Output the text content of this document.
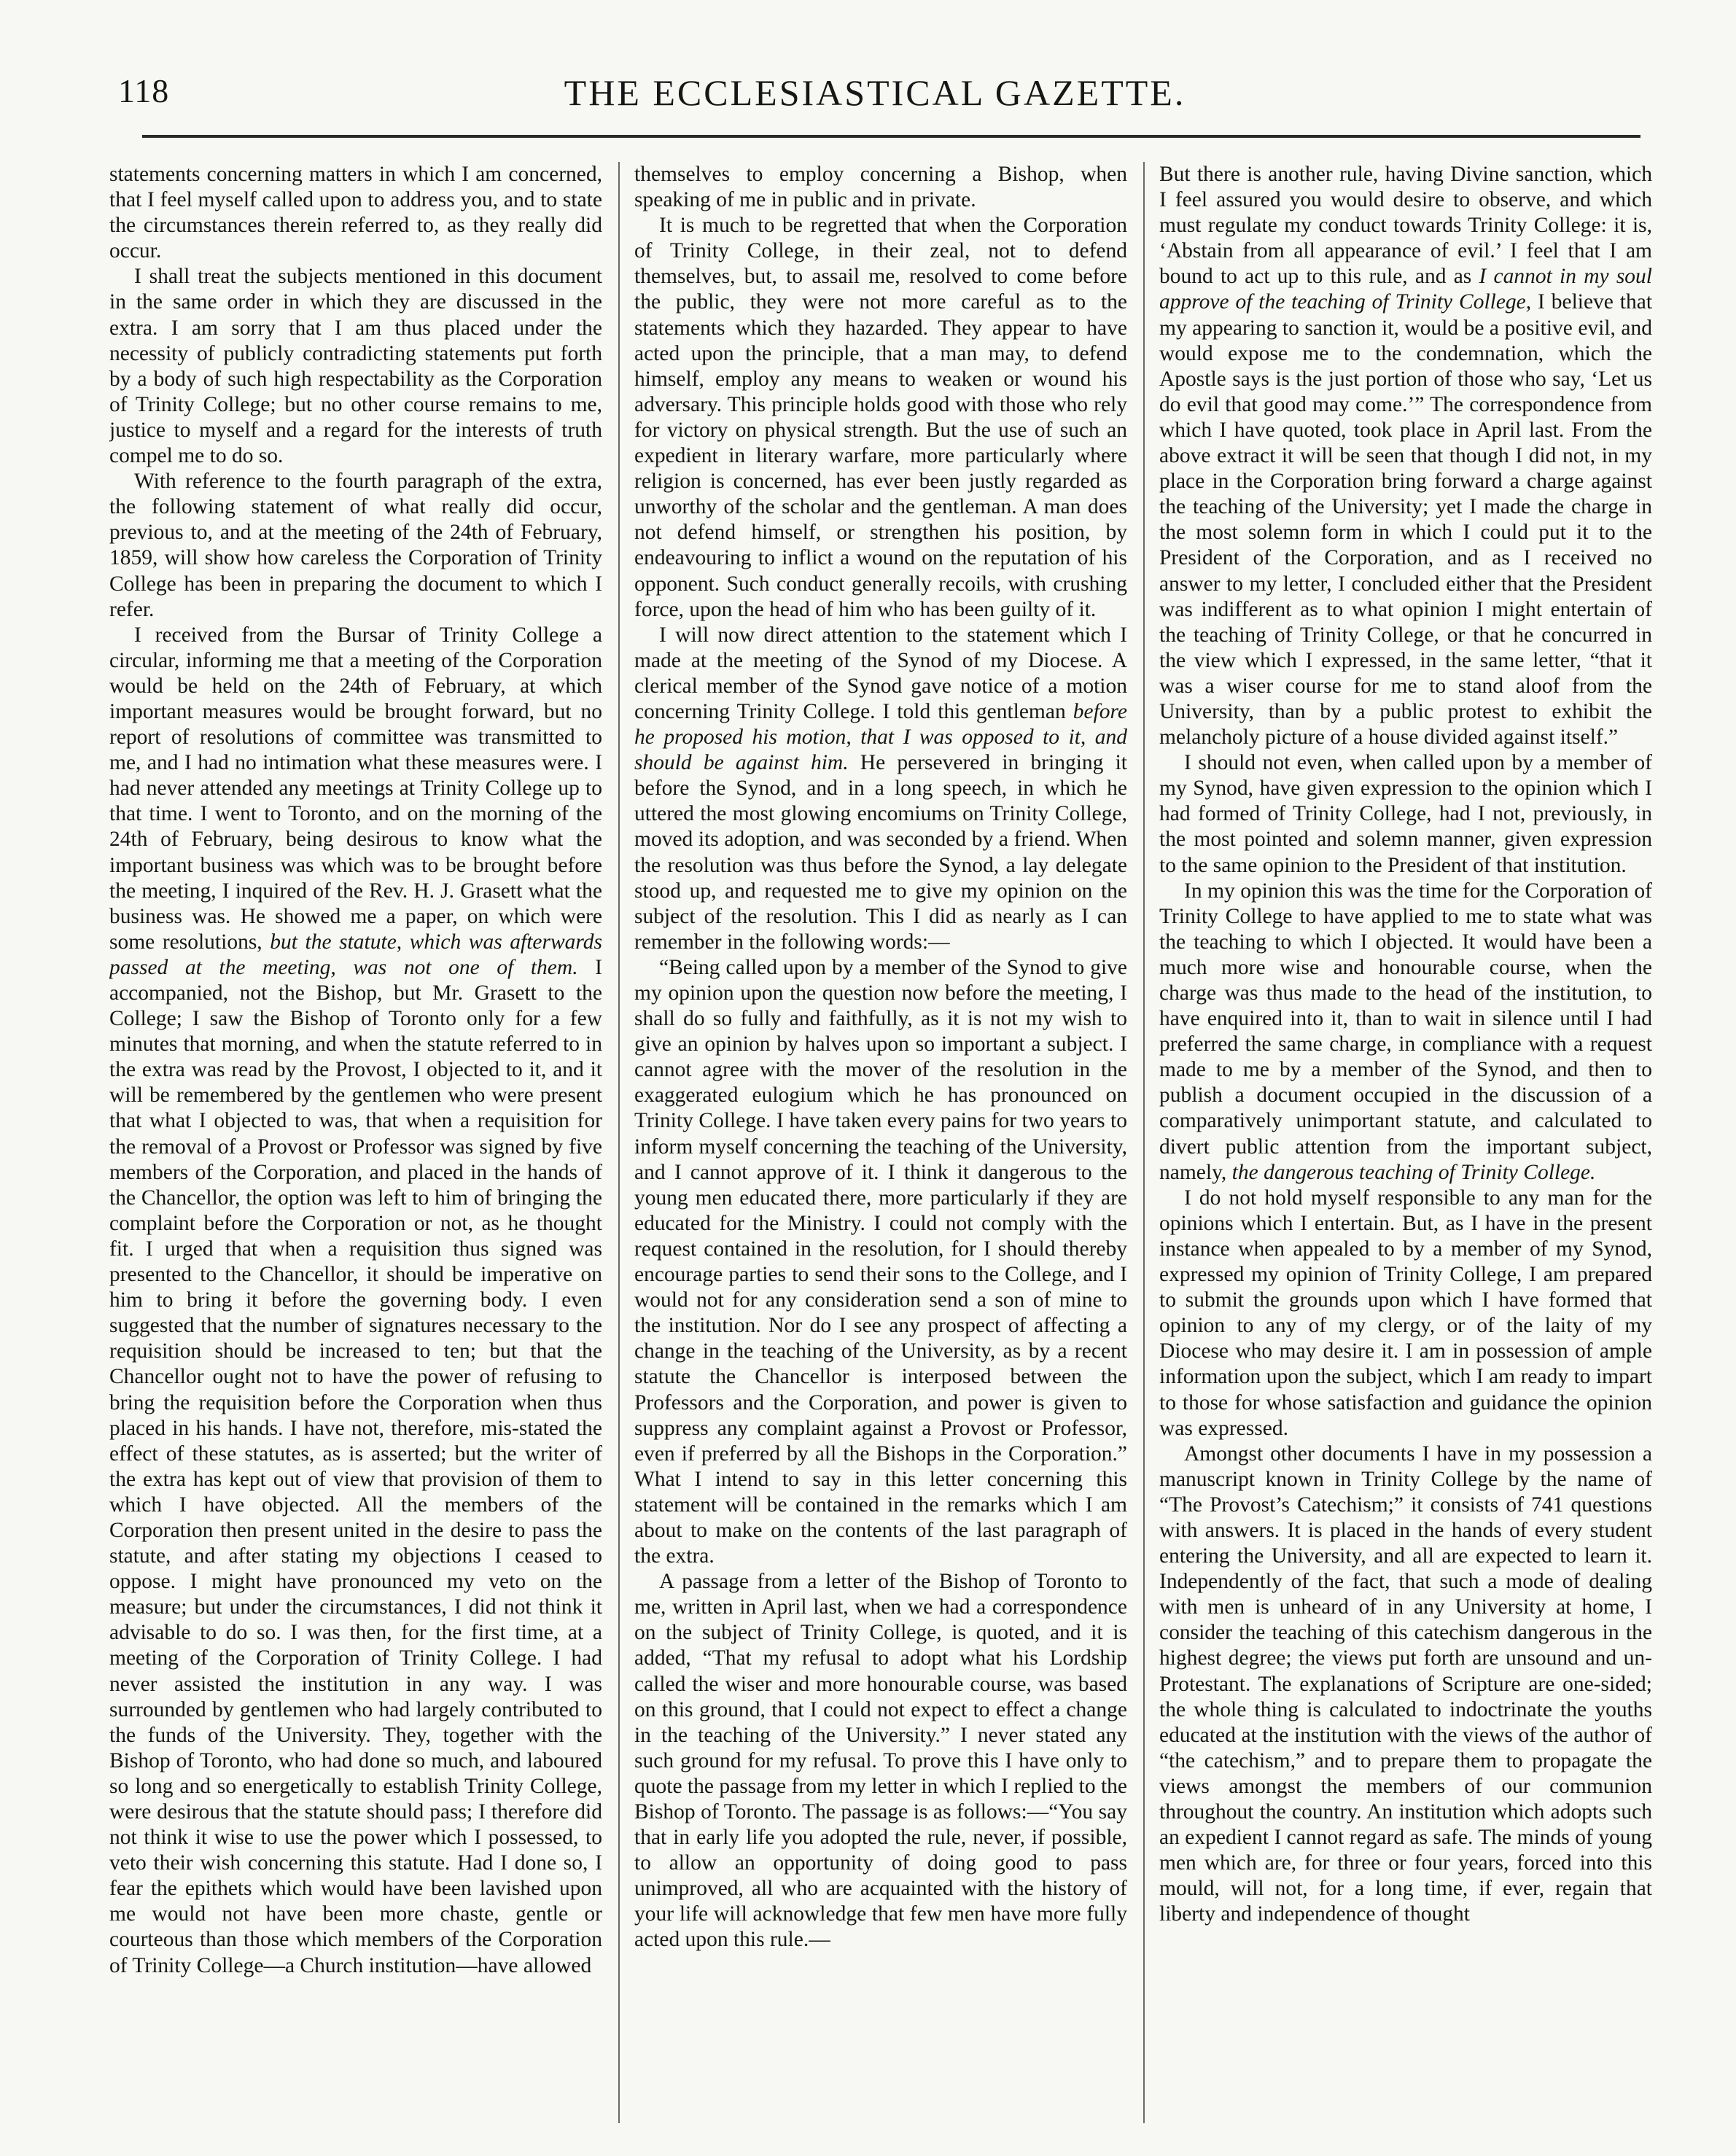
118	THE ECCLESIASTICAL GAZETTE.

statements concerning matters in which I am concerned, that I feel myself called upon to address you, and to state the circumstances therein referred to, as they really did occur.

I shall treat the subjects mentioned in this document in the same order in which they are discussed in the extra. I am sorry that I am thus placed under the necessity of publicly contradicting statements put forth by a body of such high respectability as the Corporation of Trinity College; but no other course remains to me, justice to myself and a regard for the interests of truth compel me to do so.

With reference to the fourth paragraph of the extra, the following statement of what really did occur, previous to, and at the meeting of the 24th of February, 1859, will show how careless the Corporation of Trinity College has been in preparing the document to which I refer.

I received from the Bursar of Trinity College a circular, informing me that a meeting of the Corporation would be held on the 24th of February, at which important measures would be brought forward, but no report of resolutions of committee was transmitted to me, and I had no intimation what these measures were. I had never attended any meetings at Trinity College up to that time. I went to Toronto, and on the morning of the 24th of February, being desirous to know what the important business was which was to be brought before the meeting, I inquired of the Rev. H. J. Grasett what the business was. He showed me a paper, on which were some resolutions, but the statute, which was afterwards passed at the meeting, was not one of them. I accompanied, not the Bishop, but Mr. Grasett to the College; I saw the Bishop of Toronto only for a few minutes that morning, and when the statute referred to in the extra was read by the Provost, I objected to it, and it will be remembered by the gentlemen who were present that what I objected to was, that when a requisition for the removal of a Provost or Professor was signed by five members of the Corporation, and placed in the hands of the Chancellor, the option was left to him of bringing the complaint before the Corporation or not, as he thought fit. I urged that when a requisition thus signed was presented to the Chancellor, it should be imperative on him to bring it before the governing body. I even suggested that the number of signatures necessary to the requisition should be increased to ten; but that the Chancellor ought not to have the power of refusing to bring the requisition before the Corporation when thus placed in his hands. I have not, therefore, mis-stated the effect of these statutes, as is asserted; but the writer of the extra has kept out of view that provision of them to which I have objected. All the members of the Corporation then present united in the desire to pass the statute, and after stating my objections I ceased to oppose. I might have pronounced my veto on the measure; but under the circumstances, I did not think it advisable to do so. I was then, for the first time, at a meeting of the Corporation of Trinity College. I had never assisted the institution in any way. I was surrounded by gentlemen who had largely contributed to the funds of the University. They, together with the Bishop of Toronto, who had done so much, and laboured so long and so energetically to establish Trinity College, were desirous that the statute should pass; I therefore did not think it wise to use the power which I possessed, to veto their wish concerning this statute. Had I done so, I fear the epithets which would have been lavished upon me would not have been more chaste, gentle or courteous than those which members of the Corporation of Trinity College—a Church institution—have allowed

themselves to employ concerning a Bishop, when speaking of me in public and in private.

It is much to be regretted that when the Corporation of Trinity College, in their zeal, not to defend themselves, but, to assail me, resolved to come before the public, they were not more careful as to the statements which they hazarded. They appear to have acted upon the principle, that a man may, to defend himself, employ any means to weaken or wound his adversary. This principle holds good with those who rely for victory on physical strength. But the use of such an expedient in literary warfare, more particularly where religion is concerned, has ever been justly regarded as unworthy of the scholar and the gentleman. A man does not defend himself, or strengthen his position, by endeavouring to inflict a wound on the reputation of his opponent. Such conduct generally recoils, with crushing force, upon the head of him who has been guilty of it.

I will now direct attention to the statement which I made at the meeting of the Synod of my Diocese. A clerical member of the Synod gave notice of a motion concerning Trinity College. I told this gentleman before he proposed his motion, that I was opposed to it, and should be against him. He persevered in bringing it before the Synod, and in a long speech, in which he uttered the most glowing encomiums on Trinity College, moved its adoption, and was seconded by a friend. When the resolution was thus before the Synod, a lay delegate stood up, and requested me to give my opinion on the subject of the resolution. This I did as nearly as I can remember in the following words:—

“Being called upon by a member of the Synod to give my opinion upon the question now before the meeting, I shall do so fully and faithfully, as it is not my wish to give an opinion by halves upon so important a subject. I cannot agree with the mover of the resolution in the exaggerated eulogium which he has pronounced on Trinity College. I have taken every pains for two years to inform myself concerning the teaching of the University, and I cannot approve of it. I think it dangerous to the young men educated there, more particularly if they are educated for the Ministry. I could not comply with the request contained in the resolution, for I should thereby encourage parties to send their sons to the College, and I would not for any consideration send a son of mine to the institution. Nor do I see any prospect of affecting a change in the teaching of the University, as by a recent statute the Chancellor is interposed between the Professors and the Corporation, and power is given to suppress any complaint against a Provost or Professor, even if preferred by all the Bishops in the Corporation.” What I intend to say in this letter concerning this statement will be contained in the remarks which I am about to make on the contents of the last paragraph of the extra.

A passage from a letter of the Bishop of Toronto to me, written in April last, when we had a correspondence on the subject of Trinity College, is quoted, and it is added, “That my refusal to adopt what his Lordship called the wiser and more honourable course, was based on this ground, that I could not expect to effect a change in the teaching of the University.” I never stated any such ground for my refusal. To prove this I have only to quote the passage from my letter in which I replied to the Bishop of Toronto. The passage is as follows:—“You say that in early life you adopted the rule, never, if possible, to allow an opportunity of doing good to pass unimproved, all who are acquainted with the history of your life will acknowledge that few men have more fully acted upon this rule.—

But there is another rule, having Divine sanction, which I feel assured you would desire to observe, and which must regulate my conduct towards Trinity College: it is, ‘Abstain from all appearance of evil.’ I feel that I am bound to act up to this rule, and as I cannot in my soul approve of the teaching of Trinity College, I believe that my appearing to sanction it, would be a positive evil, and would expose me to the condemnation, which the Apostle says is the just portion of those who say, ‘Let us do evil that good may come.’” The correspondence from which I have quoted, took place in April last. From the above extract it will be seen that though I did not, in my place in the Corporation bring forward a charge against the teaching of the University; yet I made the charge in the most solemn form in which I could put it to the President of the Corporation, and as I received no answer to my letter, I concluded either that the President was indifferent as to what opinion I might entertain of the teaching of Trinity College, or that he concurred in the view which I expressed, in the same letter, “that it was a wiser course for me to stand aloof from the University, than by a public protest to exhibit the melancholy picture of a house divided against itself.”

I should not even, when called upon by a member of my Synod, have given expression to the opinion which I had formed of Trinity College, had I not, previously, in the most pointed and solemn manner, given expression to the same opinion to the President of that institution.

In my opinion this was the time for the Corporation of Trinity College to have applied to me to state what was the teaching to which I objected. It would have been a much more wise and honourable course, when the charge was thus made to the head of the institution, to have enquired into it, than to wait in silence until I had preferred the same charge, in compliance with a request made to me by a member of the Synod, and then to publish a document occupied in the discussion of a comparatively unimportant statute, and calculated to divert public attention from the important subject, namely, the dangerous teaching of Trinity College.

I do not hold myself responsible to any man for the opinions which I entertain. But, as I have in the present instance when appealed to by a member of my Synod, expressed my opinion of Trinity College, I am prepared to submit the grounds upon which I have formed that opinion to any of my clergy, or of the laity of my Diocese who may desire it. I am in possession of ample information upon the subject, which I am ready to impart to those for whose satisfaction and guidance the opinion was expressed.

Amongst other documents I have in my possession a manuscript known in Trinity College by the name of “The Provost’s Catechism;” it consists of 741 questions with answers. It is placed in the hands of every student entering the University, and all are expected to learn it. Independently of the fact, that such a mode of dealing with men is unheard of in any University at home, I consider the teaching of this catechism dangerous in the highest degree; the views put forth are unsound and un-Protestant. The explanations of Scripture are one-sided; the whole thing is calculated to indoctrinate the youths educated at the institution with the views of the author of “the catechism,” and to prepare them to propagate the views amongst the members of our communion throughout the country. An institution which adopts such an expedient I cannot regard as safe. The minds of young men which are, for three or four years, forced into this mould, will not, for a long time, if ever, regain that liberty and independence of thought
